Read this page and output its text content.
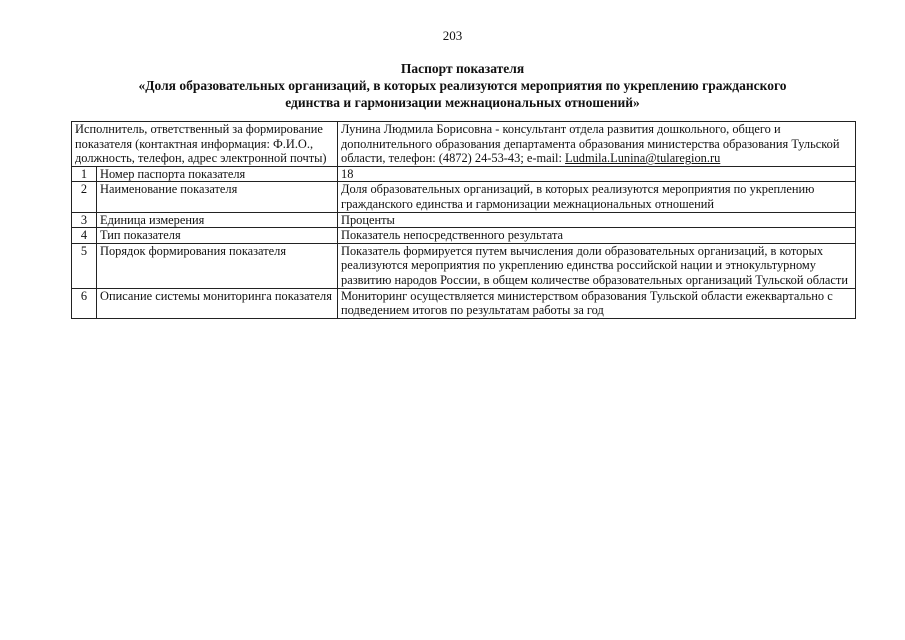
203
Паспорт показателя
«Доля образовательных организаций, в которых реализуются мероприятия по укреплению гражданского
единства и гармонизации межнациональных отношений»
Исполнитель, ответственный за формирование показателя (контактная информация: Ф.И.О., должность, телефон, адрес электронной почты)		Лунина Людмила Борисовна - консультант отдела развития дошкольного, общего и дополнительного образования департамента образования министерства образования Тульской области, телефон: (4872) 24-53-43; e-mail: Ludmila.Lunina@tularegion.ru
1	Номер паспорта показателя	18
2	Наименование показателя	Доля образовательных организаций, в которых реализуются мероприятия по укреплению гражданского единства и гармонизации межнациональных отношений
3	Единица измерения	Проценты
4	Тип показателя	Показатель непосредственного результата
5	Порядок формирования показателя	Показатель формируется путем вычисления доли образовательных организаций, в которых реализуются мероприятия по укреплению единства российской нации и этнокультурному развитию народов России, в общем количестве образовательных организаций Тульской области
6	Описание системы мониторинга показателя	Мониторинг осуществляется министерством образования Тульской области ежеквартально с подведением итогов по результатам работы за год
